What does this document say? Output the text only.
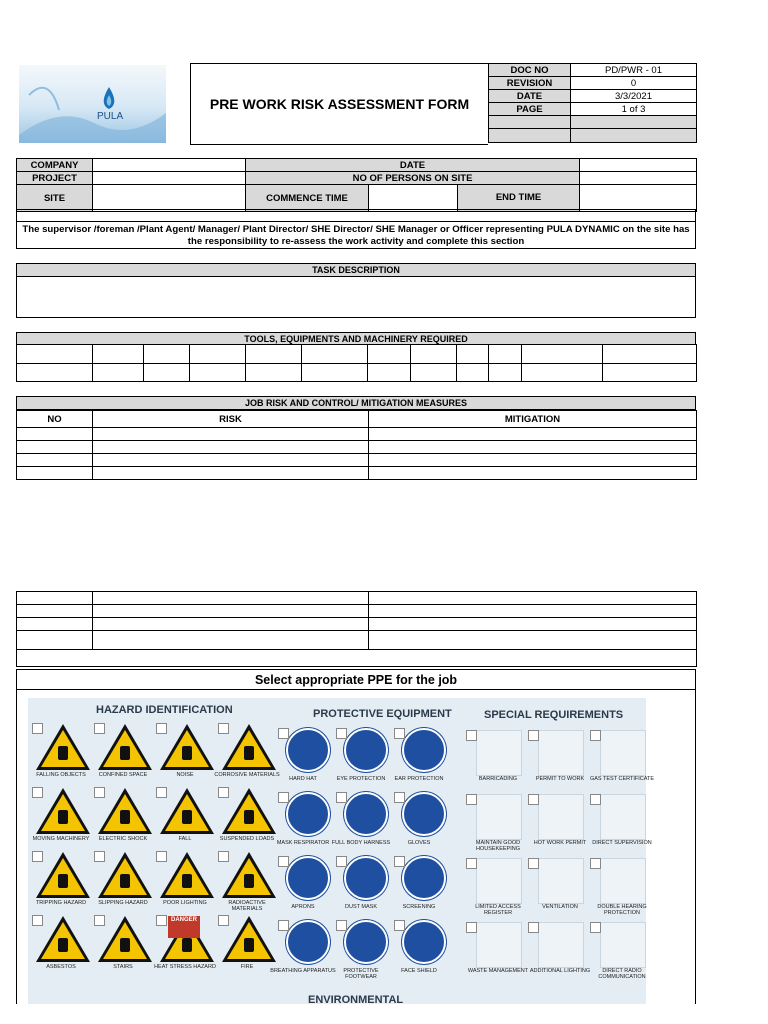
PULA
PRE WORK RISK ASSESSMENT FORM
DOC NO	PD/PWR - 01
REVISION	0
DATE	3/3/2021
PAGE	1 of 3

COMPANY		DATE			
PROJECT		NO OF PERSONS ON SITE			
SITE		COMMENCE TIME		END TIME	
The supervisor /foreman /Plant Agent/ Manager/ Plant Director/ SHE Director/ SHE Manager or Officer representing PULA DYNAMIC on the site has
the responsibility to re-assess the work activity and complete this section
TASK DESCRIPTION
TOOLS, EQUIPMENTS AND MACHINERY REQUIRED

JOB RISK AND CONTROL/ MITIGATION MEASURES
NO	RISK	MITIGATION

Select appropriate PPE for the job
HAZARD IDENTIFICATION	PROTECTIVE EQUIPMENT	SPECIAL REQUIREMENTS
ENVIRONMENTAL
FALLING OBJECTS	CONFINED SPACE	NOISE	CORROSIVE MATERIALS
MOVING MACHINERY	ELECTRIC SHOCK	FALL	SUSPENDED LOADS
TRIPPING HAZARD	SLIPPING HAZARD	POOR LIGHTING	RADIOACTIVE MATERIALS
ASBESTOS	STAIRS	HEAT STRESS HAZARD	FIRE
DANGER
HARD HAT	EYE PROTECTION	EAR PROTECTION
MASK RESPIRATOR FULL BODY HARNESS	GLOVES
APRONS	DUST MASK	SCREENING
BREATHING APPARATUS	PROTECTIVE FOOTWEAR
FACE SHIELD
BARRICADING	PERMIT TO WORK	GAS TEST CERTIFICATE
MAINTAIN GOOD HOUSEKEEPING
HOT WORK PERMIT	DIRECT SUPERVISION
LIMITED ACCESS REGISTER
VENTILATION	DOUBLE HEARING PROTECTION
WASTE MANAGEMENT ADDITIONAL LIGHTING	DIRECT RADIO COMMUNICATION
